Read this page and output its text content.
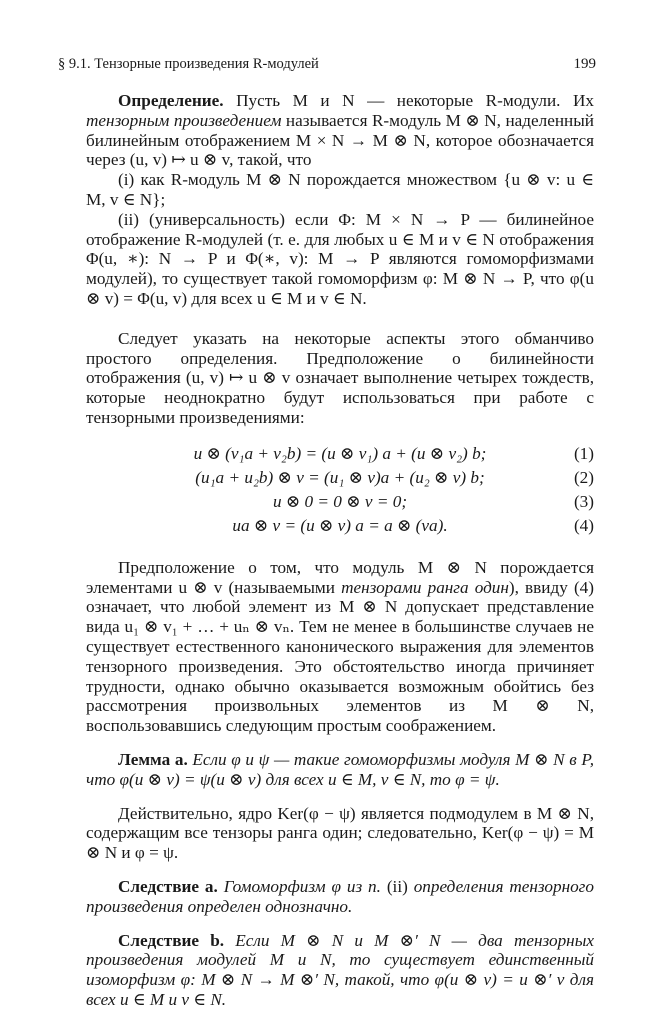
§ 9.1. Тензорные произведения R-модулей	199

Определение. Пусть M и N — некоторые R-модули. Их тензорным произведением называется R-модуль M ⊗ N, наделенный билинейным отображением M × N → M ⊗ N, которое обозначается через (u, v) ↦ u ⊗ v, такой, что

(i) как R-модуль M ⊗ N порождается множеством {u ⊗ v: u ∈ M, v ∈ N};

(ii) (универсальность) если Φ: M × N → P — билинейное отображение R-модулей (т. е. для любых u ∈ M и v ∈ N отображения Φ(u, ∗): N → P и Φ(∗, v): M → P являются гомоморфизмами модулей), то существует такой гомоморфизм φ: M ⊗ N → P, что φ(u ⊗ v) = Φ(u, v) для всех u ∈ M и v ∈ N.

Следует указать на некоторые аспекты этого обманчиво простого определения. Предположение о билинейности отображения (u, v) ↦ u ⊗ v означает выполнение четырех тождеств, которые неоднократно будут использоваться при работе с тензорными произведениями:

u ⊗ (v₁a + v₂b) = (u ⊗ v₁) a + (u ⊗ v₂) b;	(1)
(u₁a + u₂b) ⊗ v = (u₁ ⊗ v)a + (u₂ ⊗ v) b;	(2)
u ⊗ 0 = 0 ⊗ v = 0;	(3)
ua ⊗ v = (u ⊗ v) a = a ⊗ (va).	(4)

Предположение о том, что модуль M ⊗ N порождается элементами u ⊗ v (называемыми тензорами ранга один), ввиду (4) означает, что любой элемент из M ⊗ N допускает представление вида u₁ ⊗ v₁ + … + uₙ ⊗ vₙ. Тем не менее в большинстве случаев не существует естественного канонического выражения для элементов тензорного произведения. Это обстоятельство иногда причиняет трудности, однако обычно оказывается возможным обойтись без рассмотрения произвольных элементов из M ⊗ N, воспользовавшись следующим простым соображением.

Лемма a. Если φ и ψ — такие гомоморфизмы модуля M ⊗ N в P, что φ(u ⊗ v) = ψ(u ⊗ v) для всех u ∈ M, v ∈ N, то φ = ψ.

Действительно, ядро Ker(φ − ψ) является подмодулем в M ⊗ N, содержащим все тензоры ранга один; следовательно, Ker(φ − ψ) = M ⊗ N и φ = ψ.

Следствие a. Гомоморфизм φ из п. (ii) определения тензорного произведения определен однозначно.

Следствие b. Если M ⊗ N и M ⊗′ N — два тензорных произведения модулей M и N, то существует единственный изоморфизм φ: M ⊗ N → M ⊗′ N, такой, что φ(u ⊗ v) = u ⊗′ v для всех u ∈ M и v ∈ N.
